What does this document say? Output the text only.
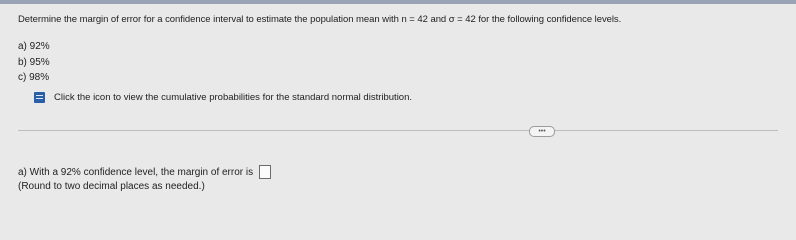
Determine the margin of error for a confidence interval to estimate the population mean with n = 42 and σ = 42 for the following confidence levels.
a) 92%
b) 95%
c) 98%
Click the icon to view the cumulative probabilities for the standard normal distribution.
•••
a) With a 92% confidence level, the margin of error is
(Round to two decimal places as needed.)
